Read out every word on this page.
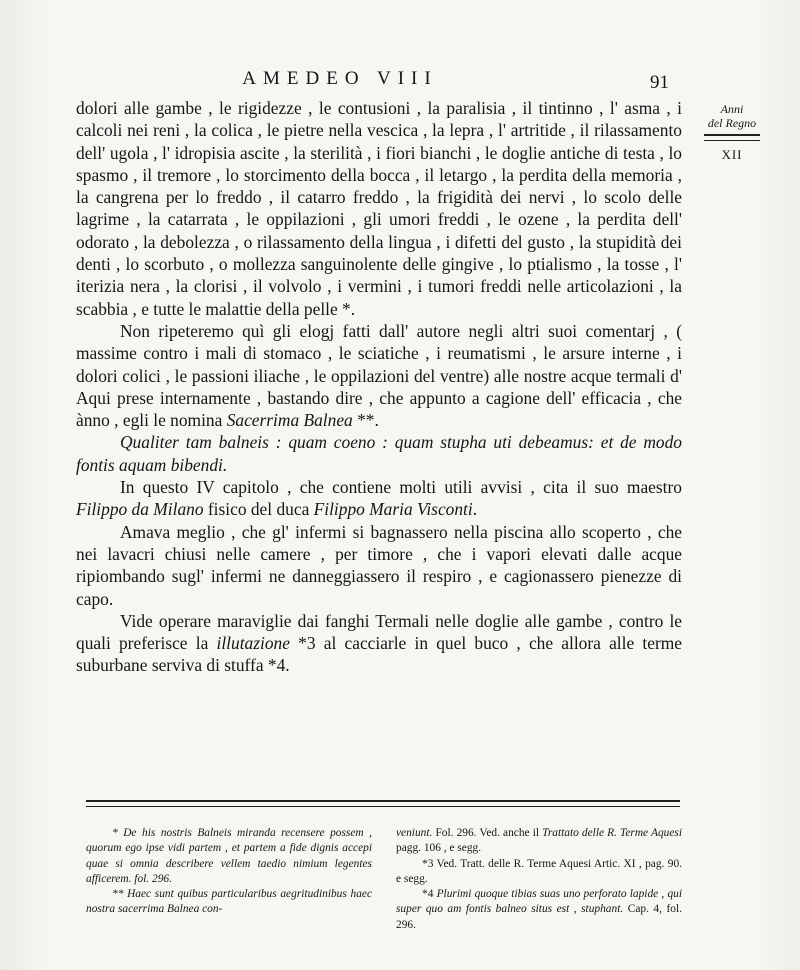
AMEDEO VIII	91
Anni
del Regno
XII

dolori alle gambe , le rigidezze , le contusioni , la paralisia , il tintinno , l' asma , i calcoli nei reni , la colica , le pietre nella vescica , la lepra , l' artritide , il rilassamento dell' ugola , l' idropisia ascite , la sterilità , i fiori bianchi , le doglie antiche di testa , lo spasmo , il tremore , lo storcimento della bocca , il letargo , la perdita della memoria , la cangrena per lo freddo , il catarro freddo , la frigidità dei nervi , lo scolo delle lagrime , la catarrata , le oppilazioni , gli umori freddi , le ozene , la perdita dell' odorato , la debolezza , o rilassamento della lingua , i difetti del gusto , la stupidità dei denti , lo scorbuto , o mollezza sanguinolente delle gingive , lo ptialismo , la tosse , l' iterizia nera , la clorisi , il volvolo , i vermini , i tumori freddi nelle articolazioni , la scabbia , e tutte le malattie della pelle *.

Non ripeteremo quì gli elogj fatti dall' autore negli altri suoi comentarj , ( massime contro i mali di stomaco , le sciatiche , i reumatismi , le arsure interne , i dolori colici , le passioni iliache , le oppilazioni del ventre) alle nostre acque termali d' Aqui prese internamente , bastando dire , che appunto a cagione dell' efficacia , che ànno , egli le nomina Sacerrima Balnea **.

Qualiter tam balneis : quam coeno : quam stupha uti debeamus: et de modo fontis aquam bibendi.

In questo IV capitolo , che contiene molti utili avvisi , cita il suo maestro Filippo da Milano fisico del duca Filippo Maria Visconti.

Amava meglio , che gl' infermi si bagnassero nella piscina allo scoperto , che nei lavacri chiusi nelle camere , per timore , che i vapori elevati dalle acque ripiombando sugl' infermi ne danneggiassero il respiro , e cagionassero pienezze di capo.

Vide operare maraviglie dai fanghi Termali nelle doglie alle gambe , contro le quali preferisce la illutazione *3 al cacciarle in quel buco , che allora alle terme suburbane serviva di stuffa *4.

* De his nostris Balneis miranda recensere possem , quorum ego ipse vidi partem , et partem a fide dignis accepi quae si omnia describere vellem taedio nimium legentes afficerem. fol. 296.

** Haec sunt quibus particularibus aegritudinibus haec nostra sacerrima Balnea con-

veniunt. Fol. 296. Ved. anche il Trattato delle R. Terme Aquesi pagg. 106 , e segg.

*3 Ved. Tratt. delle R. Terme Aquesi Artic. XI , pag. 90. e segg.

*4 Plurimi quoque tibias suas uno perforato lapide , qui super quo am fontis balneo situs est , stuphant. Cap. 4, fol. 296.
